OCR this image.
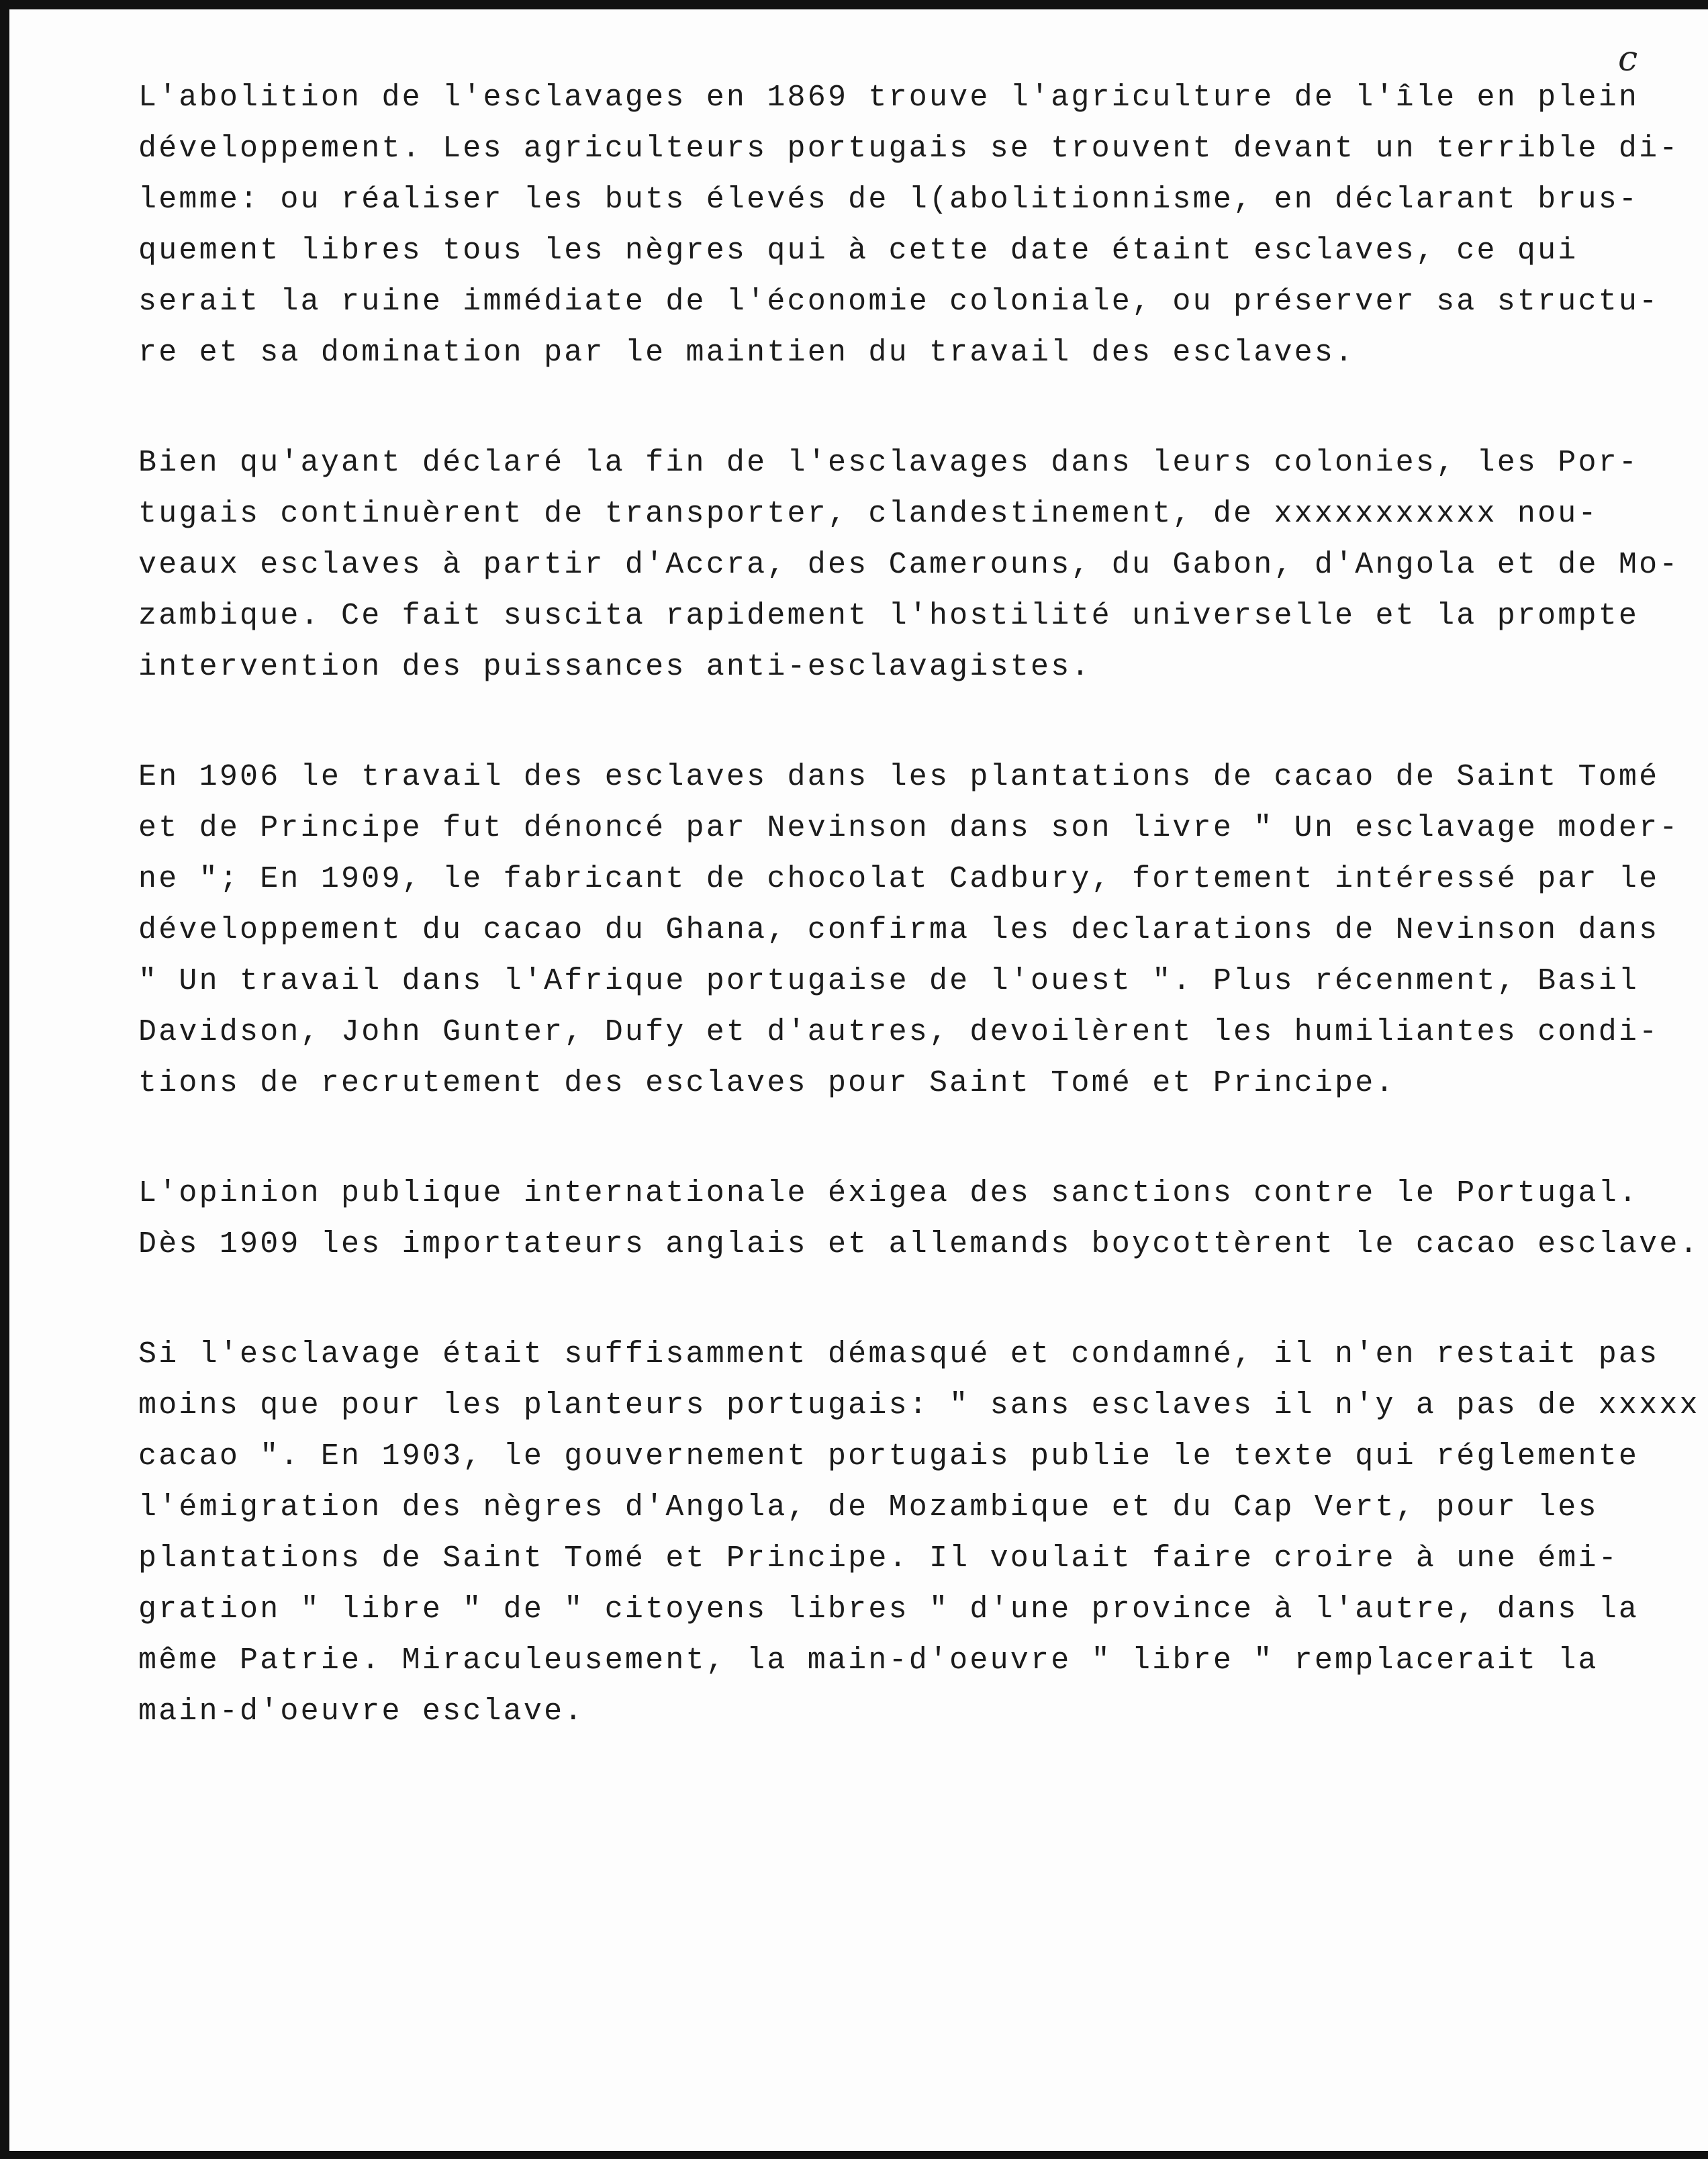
c
L'abolition de l'esclavages en 1869 trouve l'agriculture de l'île en plein
développement. Les agriculteurs portugais se trouvent devant un terrible di-
lemme: ou réaliser les buts élevés de l(abolitionnisme, en déclarant brus-
quement libres tous les nègres qui à cette date étaint esclaves, ce qui
serait la ruine immédiate de l'économie coloniale, ou préserver sa structu-
re et sa domination par le maintien du travail des esclaves.
Bien qu'ayant déclaré la fin de l'esclavages dans leurs colonies, les Por-
tugais continuèrent de transporter, clandestinement, de xxxxxxxxxxx nou-
veaux esclaves à partir d'Accra, des Camerouns, du Gabon, d'Angola et de Mo-
zambique. Ce fait suscita rapidement l'hostilité universelle et la prompte
intervention des puissances anti-esclavagistes.
En 1906 le travail des esclaves dans les plantations de cacao de Saint Tomé
et de Principe fut dénoncé par Nevinson dans son livre " Un esclavage moder-
ne "; En 1909, le fabricant de chocolat Cadbury, fortement intéressé par le
développement du cacao du Ghana, confirma les declarations de Nevinson dans
" Un travail dans l'Afrique portugaise de l'ouest ". Plus récenment, Basil
Davidson, John Gunter, Dufy et d'autres, devoilèrent les humiliantes condi-
tions de recrutement des esclaves pour Saint Tomé et Principe.
L'opinion publique internationale éxigea des sanctions contre le Portugal.
Dès 1909 les importateurs anglais et allemands boycottèrent le cacao esclave.
Si l'esclavage était suffisamment démasqué et condamné, il n'en restait pas
moins que pour les planteurs portugais: " sans esclaves il n'y a pas de xxxxx
cacao ". En 1903, le gouvernement portugais publie le texte qui réglemente
l'émigration des nègres d'Angola, de Mozambique et du Cap Vert, pour les
plantations de Saint Tomé et Principe. Il voulait faire croire à une émi-
gration " libre " de " citoyens libres " d'une province à l'autre, dans la
même Patrie. Miraculeusement, la main-d'oeuvre " libre " remplacerait la
main-d'oeuvre esclave.
